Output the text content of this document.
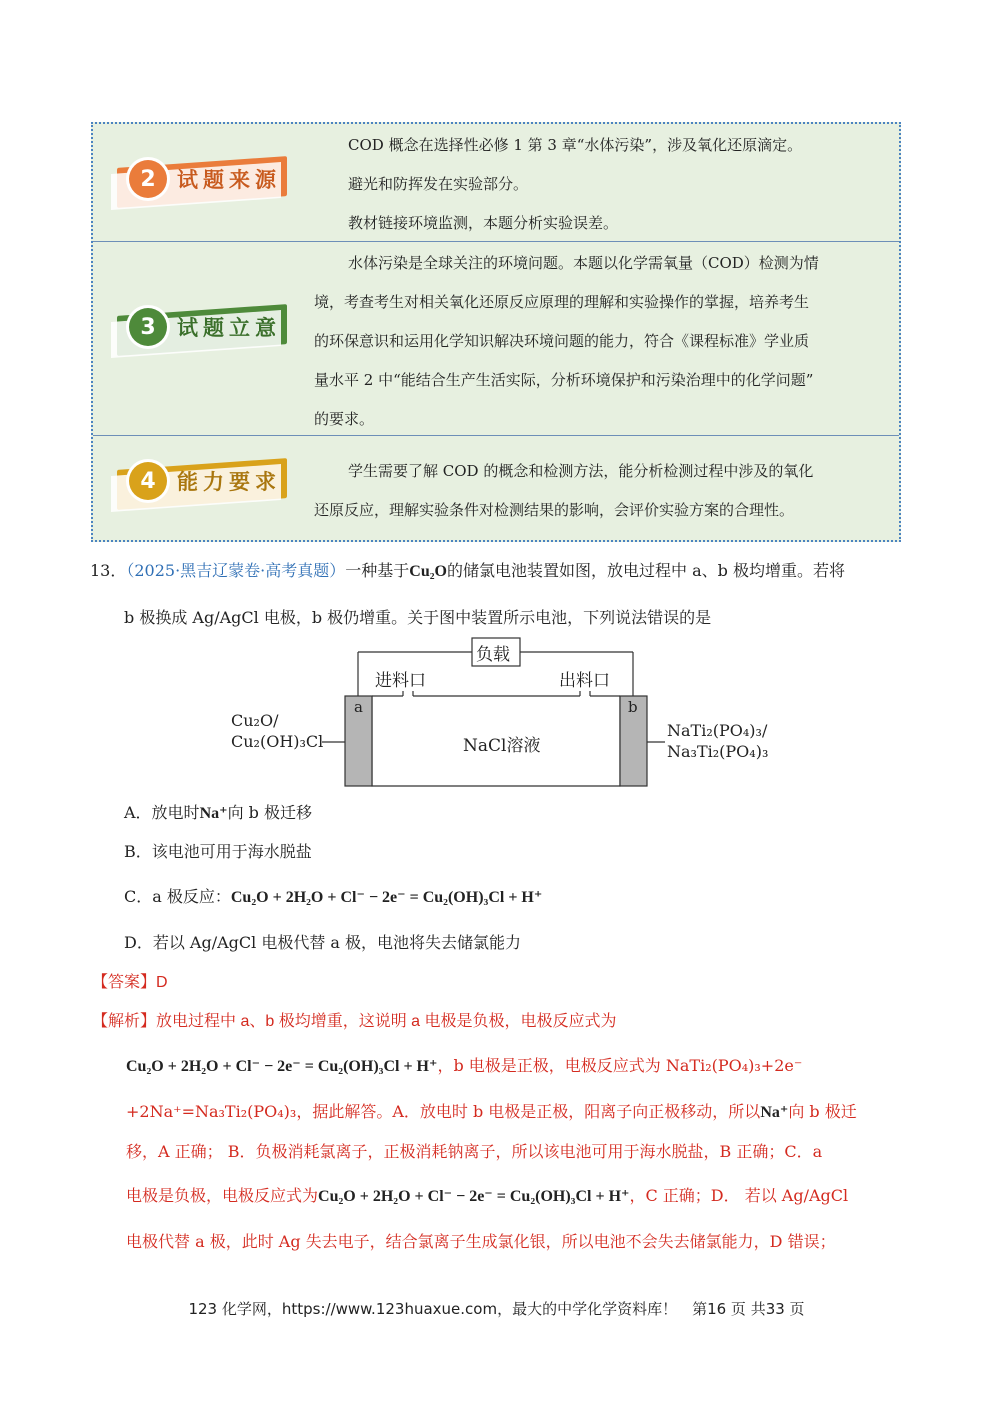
2	试题来源
COD 概念在选择性必修 1 第 3 章“水体污染”，涉及氧化还原滴定。
避光和防挥发在实验部分。
教材链接环境监测，本题分析实验误差。
3	试题立意
水体污染是全球关注的环境问题。本题以化学需氧量（COD）检测为情
境，考查考生对相关氧化还原反应原理的理解和实验操作的掌握，培养考生
的环保意识和运用化学知识解决环境问题的能力，符合《课程标准》学业质
量水平 2 中“能结合生产生活实际，分析环境保护和污染治理中的化学问题”
的要求。
4	能力要求	学生需要了解 COD 的概念和检测方法，能分析检测过程中涉及的氧化
还原反应，理解实验条件对检测结果的影响，会评价实验方案的合理性。
13．（2025·黑吉辽蒙卷·高考真题）一种基于Cu₂O的储氯电池装置如图，放电过程中 a、b 极均增重。若将
b 极换成 Ag/AgCl 电极，b 极仍增重。关于图中装置所示电池，下列说法错误的是
负载
进料口	出料口
a	b
NaCl溶液
Cu₂O/
Cu₂(OH)₃Cl
NaTi₂(PO₄)₃/
Na₃Ti₂(PO₄)₃
A．放电时Na⁺向 b 极迁移
B．该电池可用于海水脱盐
C．a 极反应：Cu₂O + 2H₂O + Cl⁻ − 2e⁻ = Cu₂(OH)₃Cl + H⁺
D．若以 Ag/AgCl 电极代替 a 极，电池将失去储氯能力
【答案】D
【解析】放电过程中 a、b 极均增重，这说明 a 电极是负极，电极反应式为
Cu₂O + 2H₂O + Cl⁻ − 2e⁻ = Cu₂(OH)₃Cl + H⁺，b 电极是正极，电极反应式为 NaTi₂(PO₄)₃+2e⁻
+2Na⁺=Na₃Ti₂(PO₄)₃，据此解答。A．放电时 b 电极是正极，阳离子向正极移动，所以Na⁺向 b 极迁
移，A 正确； B．负极消耗氯离子，正极消耗钠离子，所以该电池可用于海水脱盐，B 正确；C．a
电极是负极，电极反应式为Cu₂O + 2H₂O + Cl⁻ − 2e⁻ = Cu₂(OH)₃Cl + H⁺，C 正确；D． 若以 Ag/AgCl
电极代替 a 极，此时 Ag 失去电子，结合氯离子生成氯化银，所以电池不会失去储氯能力，D 错误；
123 化学网，https://www.123huaxue.com，最大的中学化学资料库！　第16 页 共33 页
